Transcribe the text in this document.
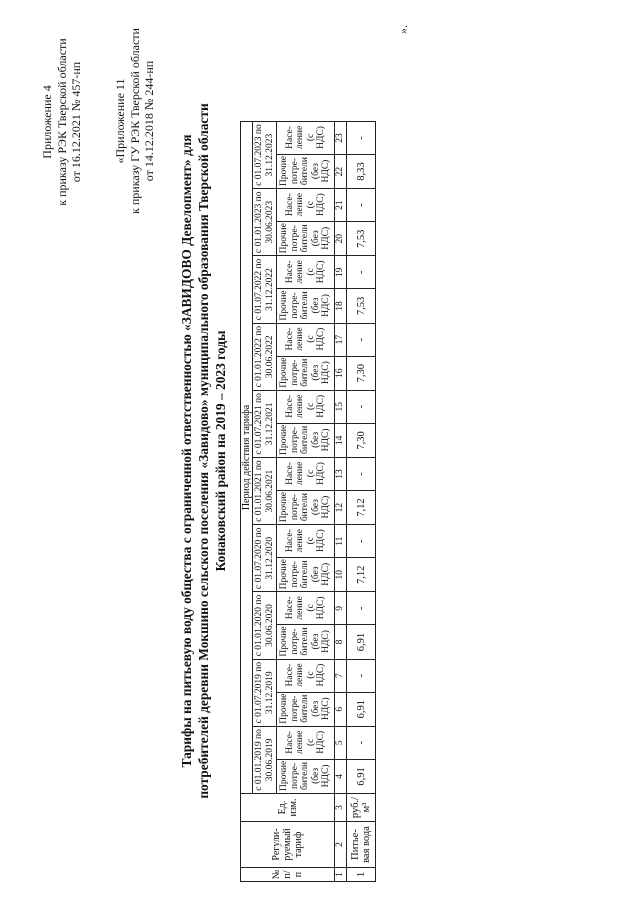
Приложение 4 к приказу РЭК Тверской области от 16.12.2021 № 457-нп	«Приложение 11 к приказу ГУ РЭК Тверской области от 14.12.2018 № 244-нп
Тарифы на питьевую воду общества с ограниченной ответственностью «ЗАВИДОВО Девелопмент» для потребителей деревни Мокшино сельского поселения «Завидово» муниципального образования Тверской области Конаковский район на 2019 – 2023 годы
№ п/п	Регули-руемый тариф	Ед. изм.	Период действия тарифа																			
			с 01.01.2019 по 30.06.2019		с 01.07.2019 по 31.12.2019		с 01.01.2020 по 30.06.2020		с 01.07.2020 по 31.12.2020		с 01.01.2021 по 30.06.2021		с 01.07.2021 по 31.12.2021		с 01.01.2022 по 30.06.2022		с 01.07.2022 по 31.12.2022		с 01.01.2023 по 30.06.2023		с 01.07.2023 по 31.12.2023	
			Прочие потре-бители (без НДС)	Насе-ление (с НДС)	Прочие потре-бители (без НДС)	Насе-ление (с НДС)	Прочие потре-бители (без НДС)	Насе-ление (с НДС)	Прочие потре-бители (без НДС)	Насе-ление (с НДС)	Прочие потре-бители (без НДС)	Насе-ление (с НДС)	Прочие потре-бители (без НДС)	Насе-ление (с НДС)	Прочие потре-бители (без НДС)	Насе-ление (с НДС)	Прочие потре-бители (без НДС)	Насе-ление (с НДС)	Прочие потре-бители (без НДС)	Насе-ление (с НДС)	Прочие потре-бители (без НДС)	Насе-ление (с НДС)
1	2	3	4	5	6	7	8	9	10	11	12	13	14	15	16	17	18	19	20	21	22	23
1	Питье-вая вода	руб./м³	6,91	-	6,91	-	6,91	-	7,12	-	7,12	-	7,30	-	7,30	-	7,53	-	7,53	-	8,33	-
».
